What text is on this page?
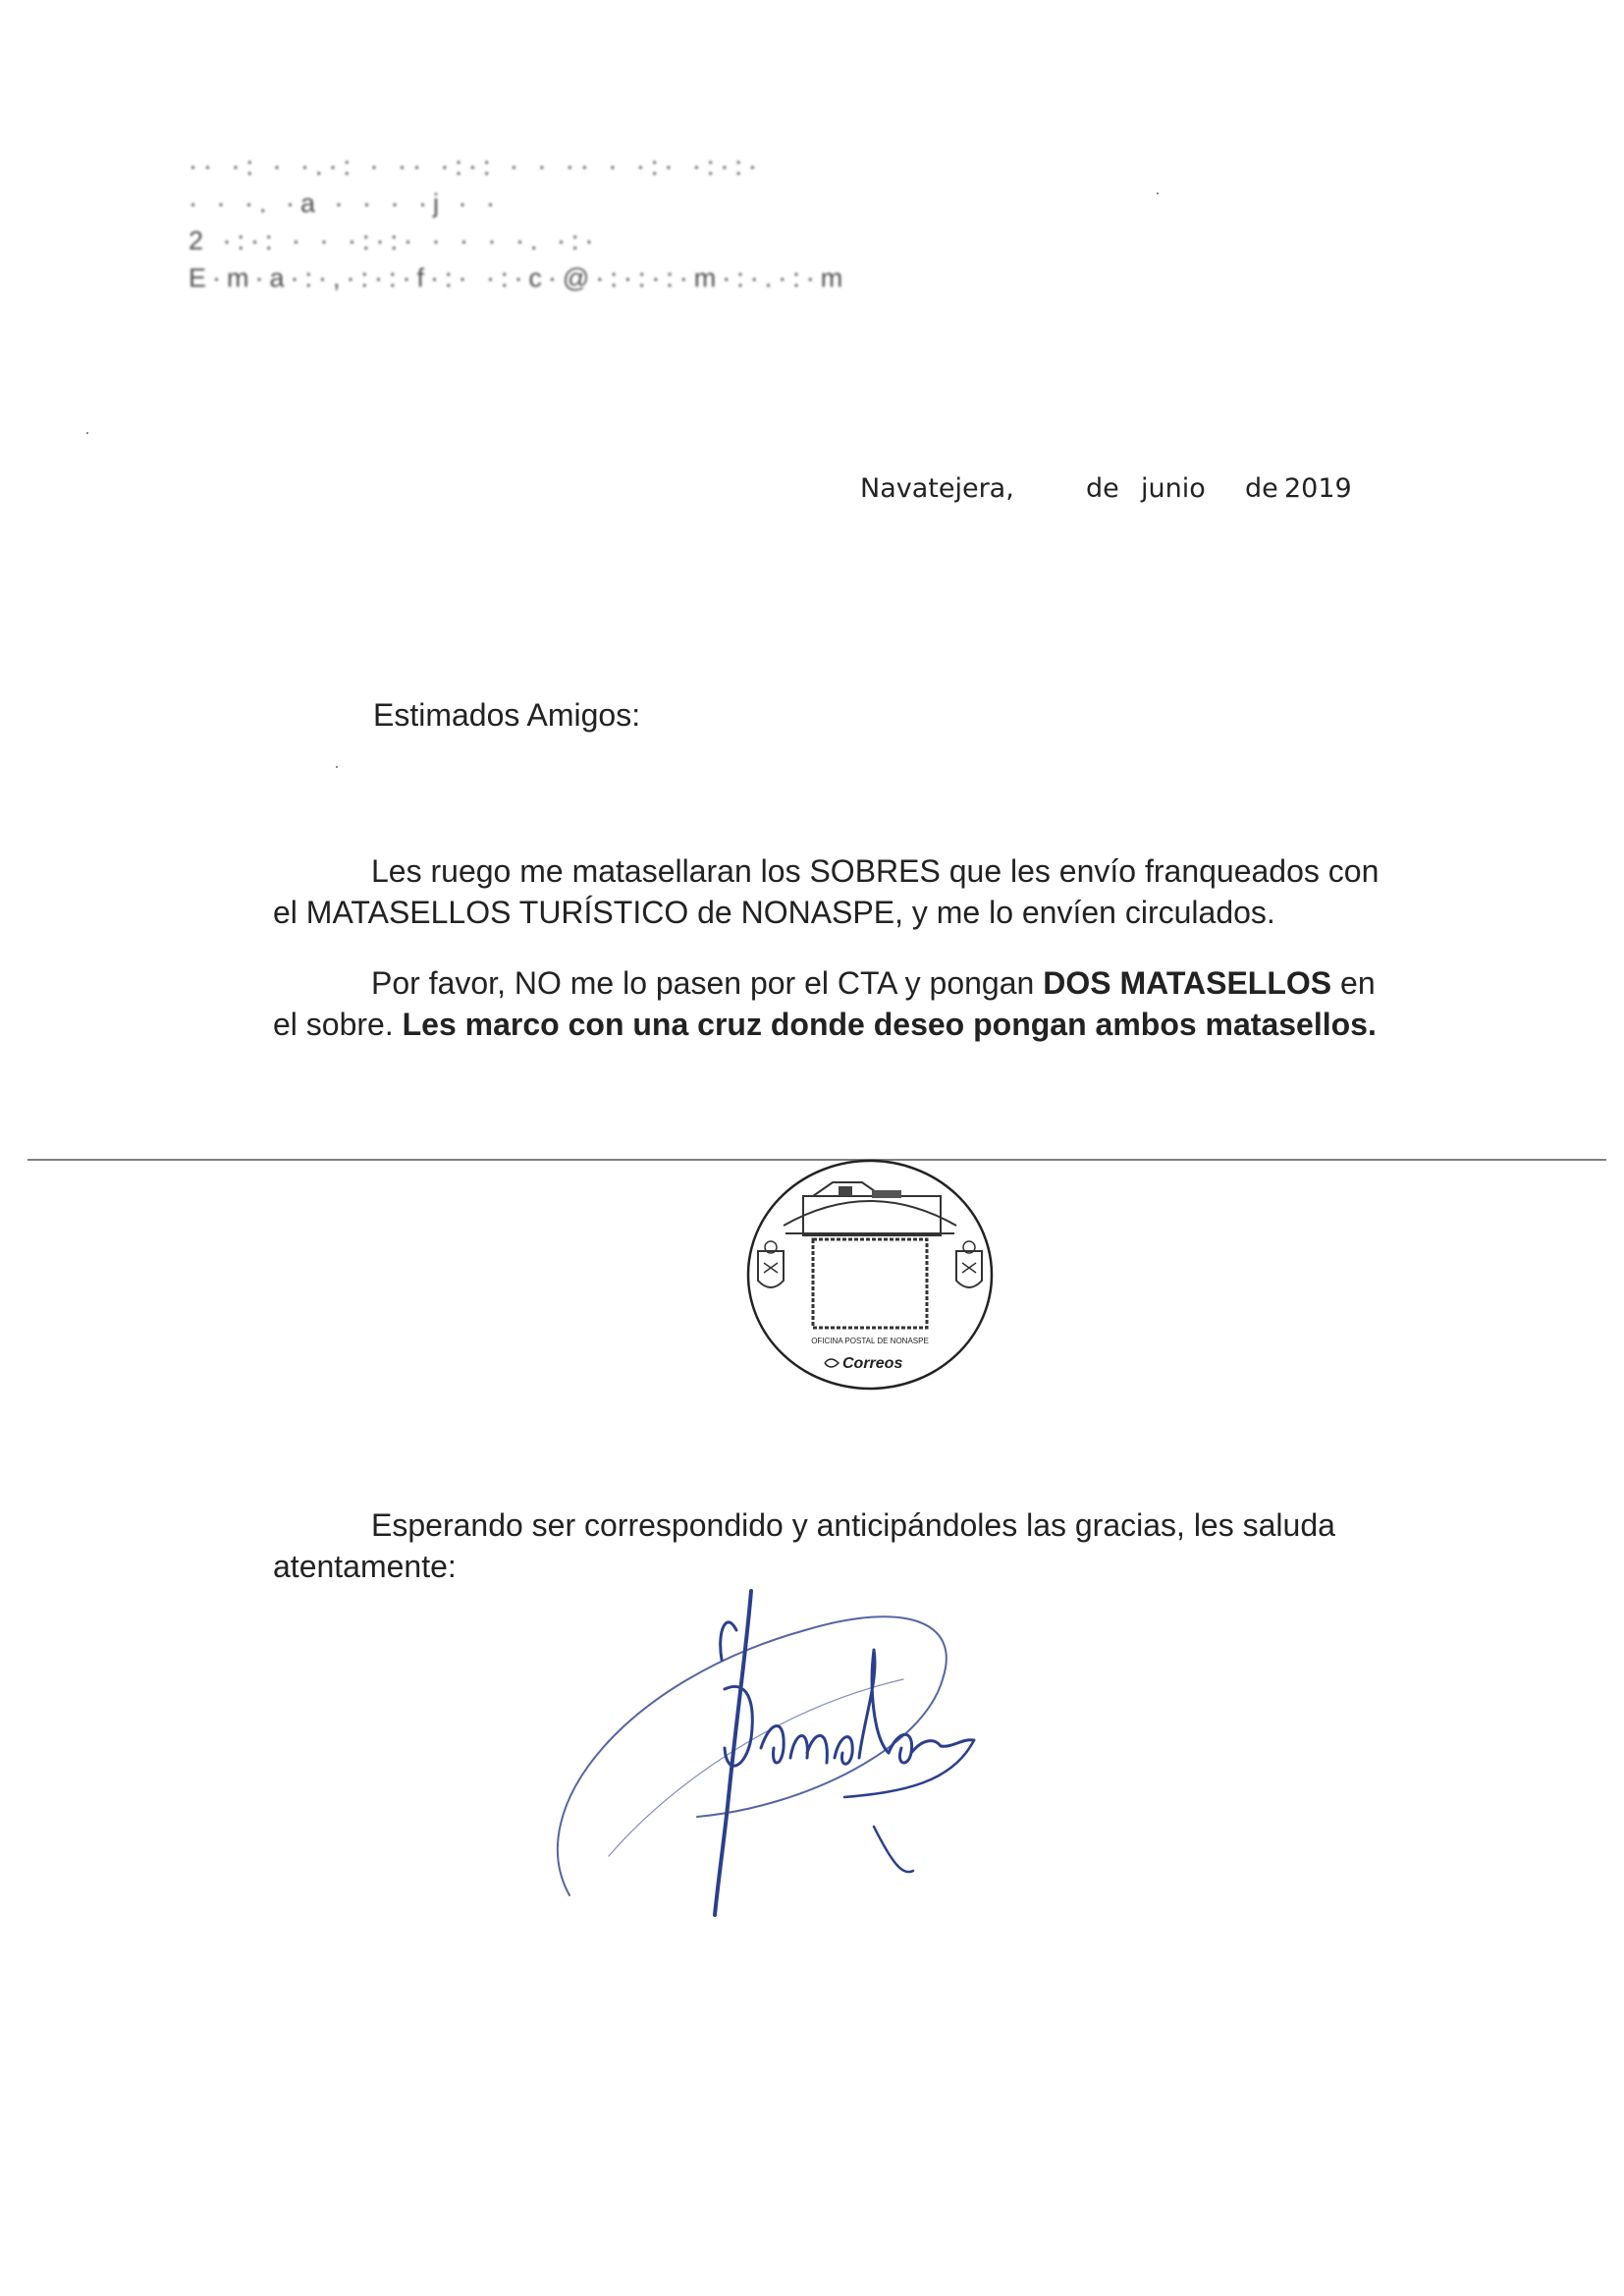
·· ·: · ·.·: · ·· ·:·: · · ·· · ·:· ·:·:·
· · ·. ·a · · · ·j · ·
2 ·:·: · · ·:·:· · · · ·. ·:·
E·m·a·:·,·:·:·f·:· ·:·c·@·:·:·:·m·:·.·:·m
Navatejera,	de junio de 2019
Estimados Amigos:
Les ruego me matasellaran los SOBRES que les envío franqueados con
el MATASELLOS TURÍSTICO de NONASPE, y me lo envíen circulados.
Por favor, NO me lo pasen por el CTA y pongan DOS MATASELLOS en
el sobre. Les marco con una cruz donde deseo pongan ambos matasellos.
OFICINA POSTAL DE NONASPE
Correos
Esperando ser correspondido y anticipándoles las gracias, les saluda
atentamente:
